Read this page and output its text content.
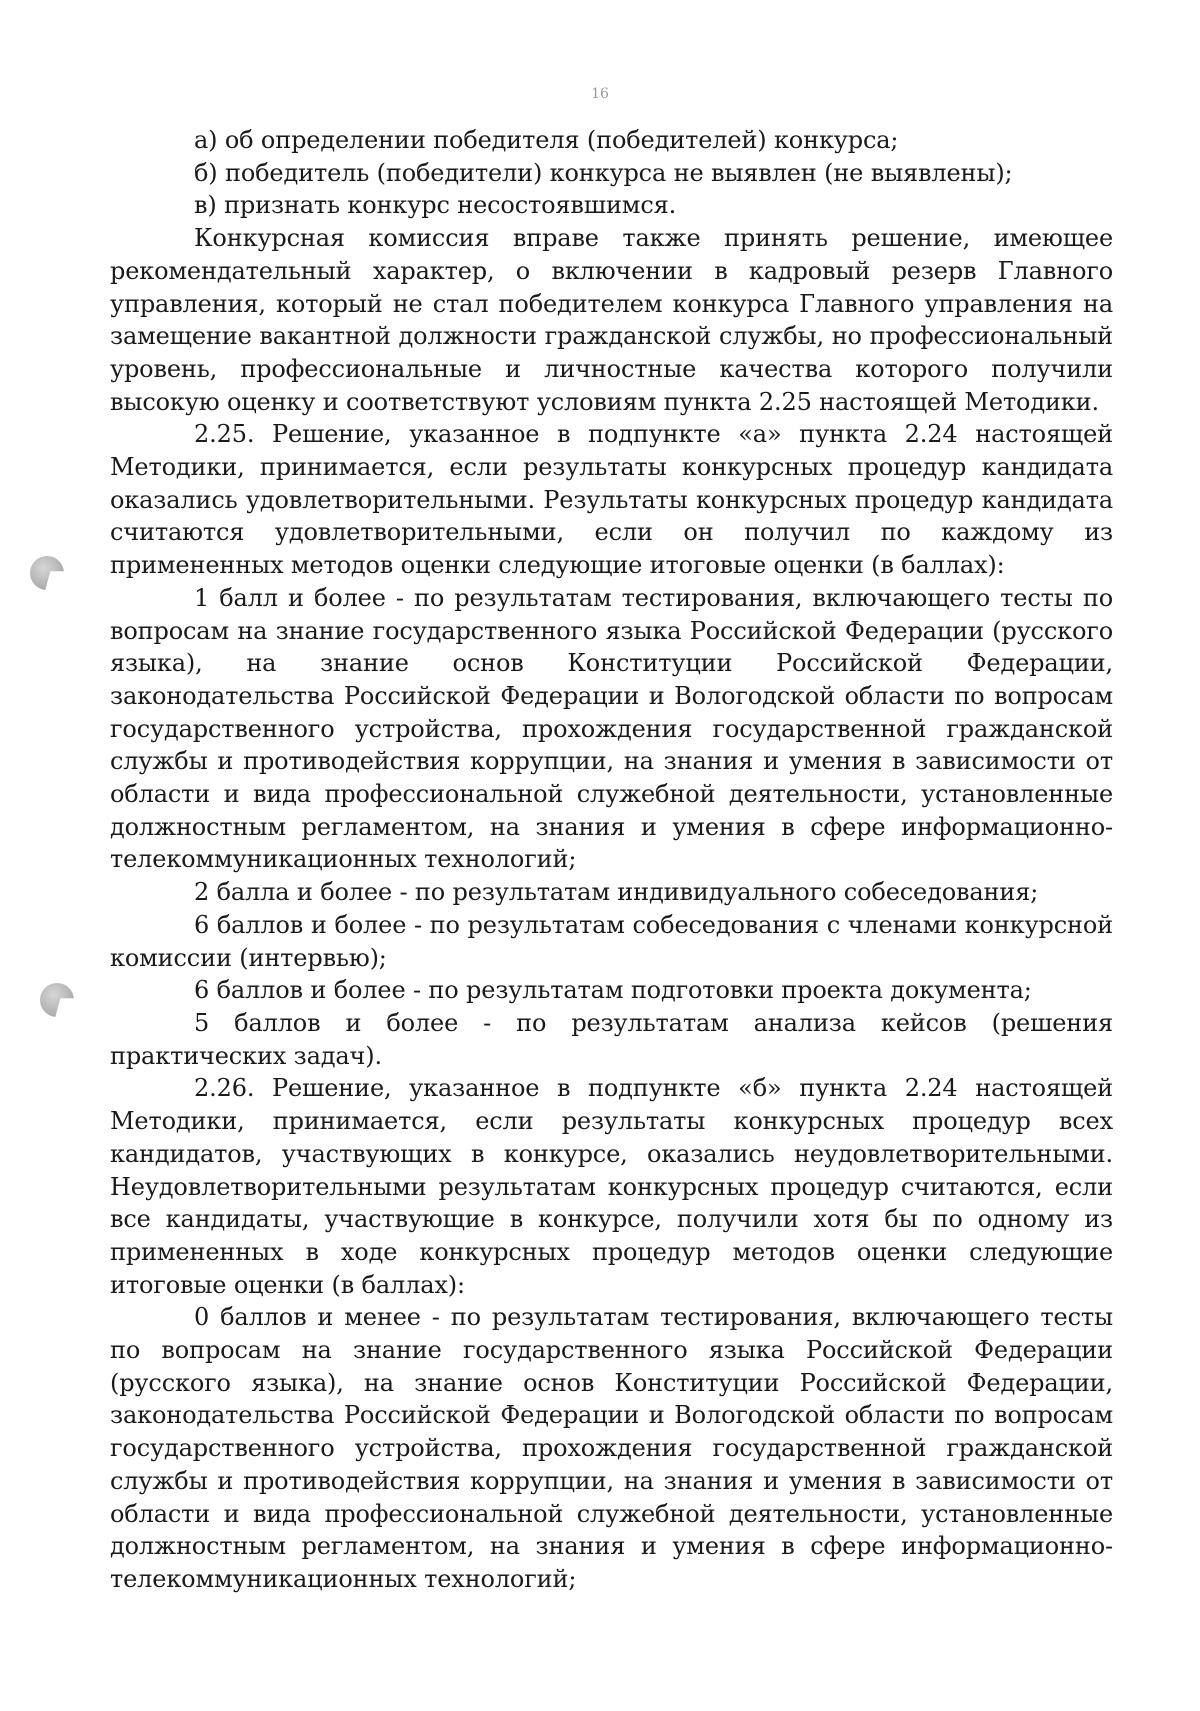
16

а) об определении победителя (победителей) конкурса;

б) победитель (победители) конкурса не выявлен (не выявлены);

в) признать конкурс несостоявшимся.

Конкурсная комиссия вправе также принять решение, имеющее рекомендательный характер, о включении в кадровый резерв Главного управления, который не стал победителем конкурса Главного управления на замещение вакантной должности гражданской службы, но профессиональный уровень, профессиональные и личностные качества которого получили высокую оценку и соответствуют условиям пункта 2.25 настоящей Методики.

2.25. Решение, указанное в подпункте «а» пункта 2.24 настоящей Методики, принимается, если результаты конкурсных процедур кандидата оказались удовлетворительными. Результаты конкурсных процедур кандидата считаются удовлетворительными, если он получил по каждому из примененных методов оценки следующие итоговые оценки (в баллах):

1 балл и более - по результатам тестирования, включающего тесты по вопросам на знание государственного языка Российской Федерации (русского языка), на знание основ Конституции Российской Федерации, законодательства Российской Федерации и Вологодской области по вопросам государственного устройства, прохождения государственной гражданской службы и противодействия коррупции, на знания и умения в зависимости от области и вида профессиональной служебной деятельности, установленные должностным регламентом, на знания и умения в сфере информационно-телекоммуникационных технологий;

2 балла и более - по результатам индивидуального собеседования;

6 баллов и более - по результатам собеседования с членами конкурсной комиссии (интервью);

6 баллов и более - по результатам подготовки проекта документа;

5 баллов и более - по результатам анализа кейсов (решения практических задач).

2.26. Решение, указанное в подпункте «б» пункта 2.24 настоящей Методики, принимается, если результаты конкурсных процедур всех кандидатов, участвующих в конкурсе, оказались неудовлетворительными. Неудовлетворительными результатам конкурсных процедур считаются, если все кандидаты, участвующие в конкурсе, получили хотя бы по одному из примененных в ходе конкурсных процедур методов оценки следующие итоговые оценки (в баллах):

0 баллов и менее - по результатам тестирования, включающего тесты по вопросам на знание государственного языка Российской Федерации (русского языка), на знание основ Конституции Российской Федерации, законодательства Российской Федерации и Вологодской области по вопросам государственного устройства, прохождения государственной гражданской службы и противодействия коррупции, на знания и умения в зависимости от области и вида профессиональной служебной деятельности, установленные должностным регламентом, на знания и умения в сфере информационно-телекоммуникационных технологий;
